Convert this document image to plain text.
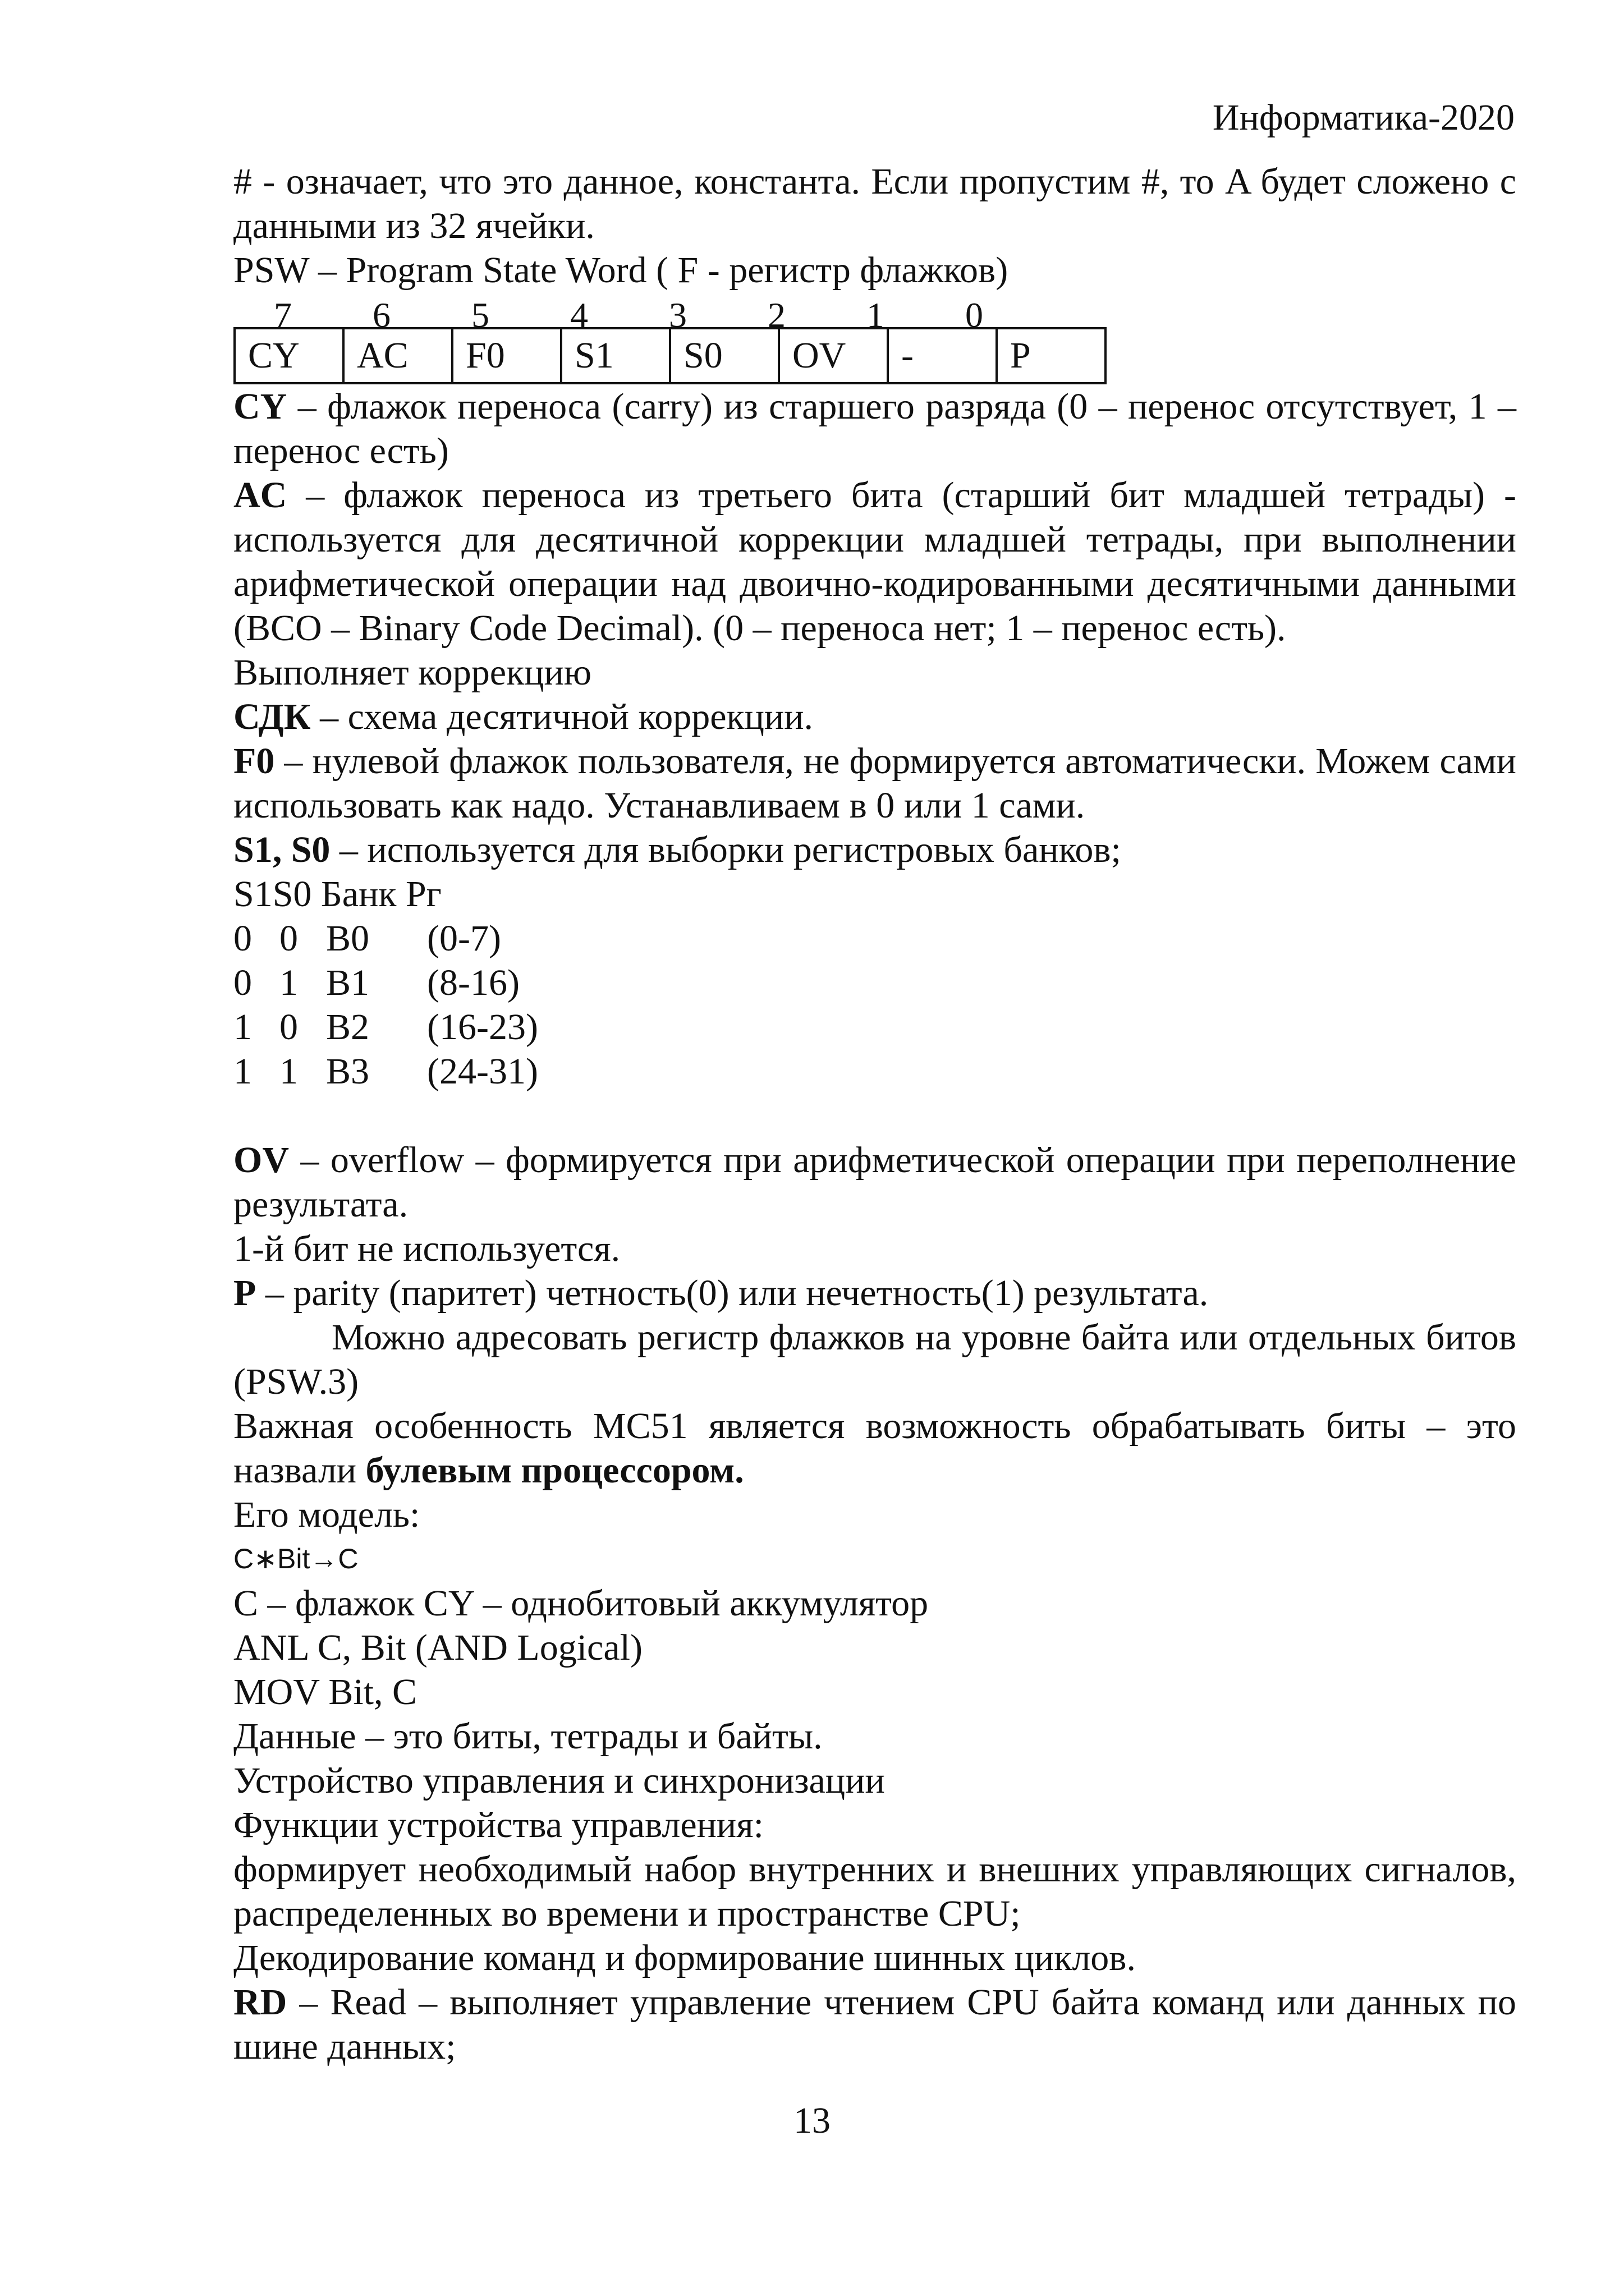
Информатика-2020

# - означает, что это данное, константа. Если пропустим #, то A будет сложено с данными из 32 ячейки.

PSW – Program State Word ( F - регистр флажков)

7	6	5	4	3	2	1	0
CY	AC	F0	S1	S0	OV	-	P

CY – флажок переноса (carry) из старшего разряда (0 – перенос отсутствует, 1 – перенос есть)

AC – флажок переноса из третьего бита (старший бит младшей тетрады) - используется для десятичной коррекции младшей тетрады, при выполнении арифметической операции над двоично-кодированными десятичными данными (BCO – Binary Code Decimal). (0 – переноса нет; 1 – перенос есть).

Выполняет коррекцию

СДК – схема десятичной коррекции.

F0 – нулевой флажок пользователя, не формируется автоматически. Можем сами использовать как надо. Устанавливаем в 0 или 1 сами.

S1, S0 – используется для выборки регистровых банков;

S1S0 Банк Рг

0 0 B0 (0-7)
0 1 B1 (8-16)
1 0 B2 (16-23)
1 1 B3 (24-31)

OV – overflow – формируется при арифметической операции при переполнение результата.

1-й бит не используется.

P – parity (паритет) четность(0) или нечетность(1) результата.

Можно адресовать регистр флажков на уровне байта или отдельных битов (PSW.3)

Важная особенность MC51 является возможность обрабатывать биты – это назвали булевым процессором.

Его модель:

C∗Bit→C

C – флажок CY – однобитовый аккумулятор

ANL C, Bit (AND Logical)

MOV Bit, C

Данные – это биты, тетрады и байты.

Устройство управления и синхронизации

Функции устройства управления:

формирует необходимый набор внутренних и внешних управляющих сигналов, распределенных во времени и пространстве CPU;

Декодирование команд и формирование шинных циклов.

RD – Read – выполняет управление чтением CPU байта команд или данных по шине данных;

13
